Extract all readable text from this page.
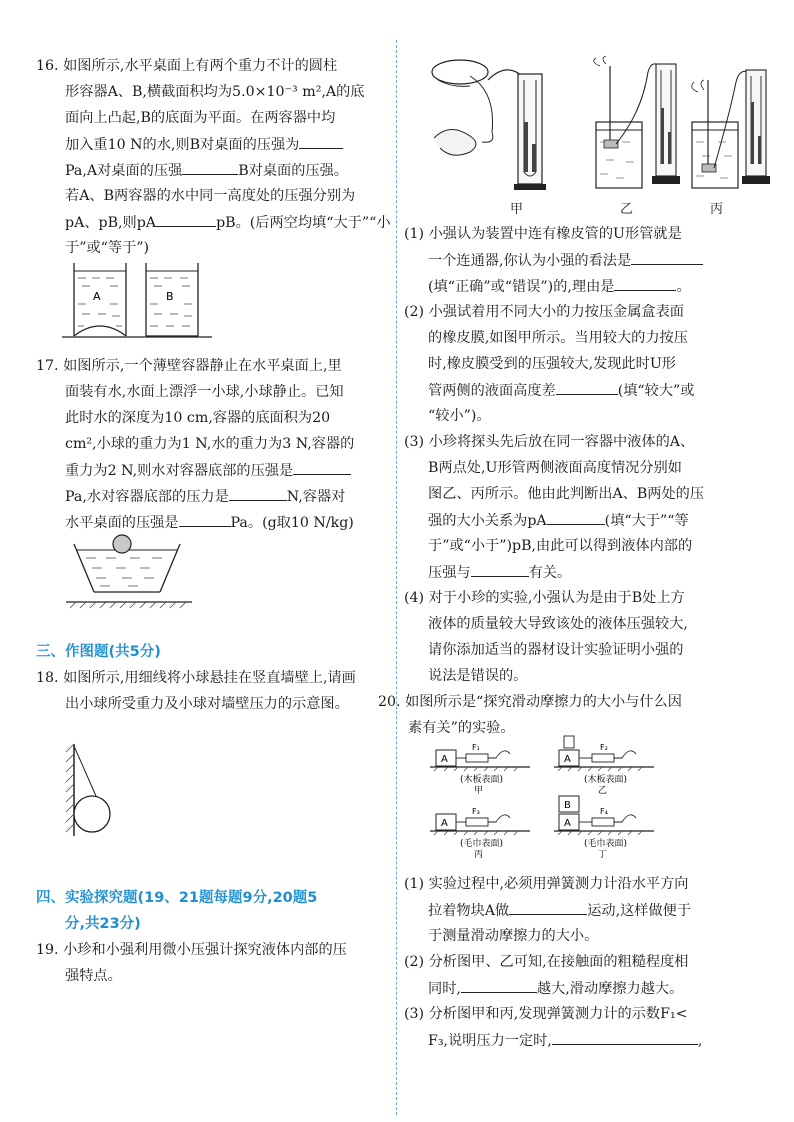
16. 如图所示,水平桌面上有两个重力不计的圆柱
形容器A、B,横截面积均为5.0×10⁻³ m²,A的底
面向上凸起,B的底面为平面。在两容器中均
加入重10 N的水,则B对桌面的压强为
Pa,A对桌面的压强	B对桌面的压强。
若A、B两容器的水中同一高度处的压强分别为
pA、pB,则pA	pB。(后两空均填“大于”“小
于”或“等于”)
A	B
17. 如图所示,一个薄壁容器静止在水平桌面上,里
面装有水,水面上漂浮一小球,小球静止。已知
此时水的深度为10 cm,容器的底面积为20
cm²,小球的重力为1 N,水的重力为3 N,容器的
重力为2 N,则水对容器底部的压强是
Pa,水对容器底部的压力是	N,容器对
水平桌面的压强是	Pa。(g取10 N/kg)
三、作图题(共5分)
18. 如图所示,用细线将小球悬挂在竖直墙壁上,请画
出小球所受重力及小球对墙壁压力的示意图。
四、实验探究题(19、21题每题9分,20题5
分,共23分)
19. 小珍和小强利用微小压强计探究液体内部的压
强特点。
甲	乙	丙
(1) 小强认为装置中连有橡皮管的U形管就是
一个连通器,你认为小强的看法是
(填“正确”或“错误”)的,理由是	。
(2) 小强试着用不同大小的力按压金属盒表面
的橡皮膜,如图甲所示。当用较大的力按压
时,橡皮膜受到的压强较大,发现此时U形
管两侧的液面高度差	(填“较大”或
“较小”)。
(3) 小珍将探头先后放在同一容器中液体的A、
B两点处,U形管两侧液面高度情况分别如
图乙、丙所示。他由此判断出A、B两处的压
强的大小关系为pA	(填“大于”“等
于”或“小于”)pB,由此可以得到液体内部的
压强与	有关。
(4) 对于小珍的实验,小强认为是由于B处上方
液体的质量较大导致该处的液体压强较大,
请你添加适当的器材设计实验证明小强的
说法是错误的。
20. 如图所示是“探究滑动摩擦力的大小与什么因
素有关”的实验。
A
F₁
(木板表面)
甲
A
F₂
(木板表面)
乙
A
F₃
(毛巾表面)
丙
B
A
F₄
(毛巾表面)
丁
(1) 实验过程中,必须用弹簧测力计沿水平方向
拉着物块A做	运动,这样做便于
于测量滑动摩擦力的大小。
(2) 分析图甲、乙可知,在接触面的粗糙程度相
同时,	越大,滑动摩擦力越大。
(3) 分析图甲和丙,发现弹簧测力计的示数F₁<
F₃,说明压力一定时,	,
